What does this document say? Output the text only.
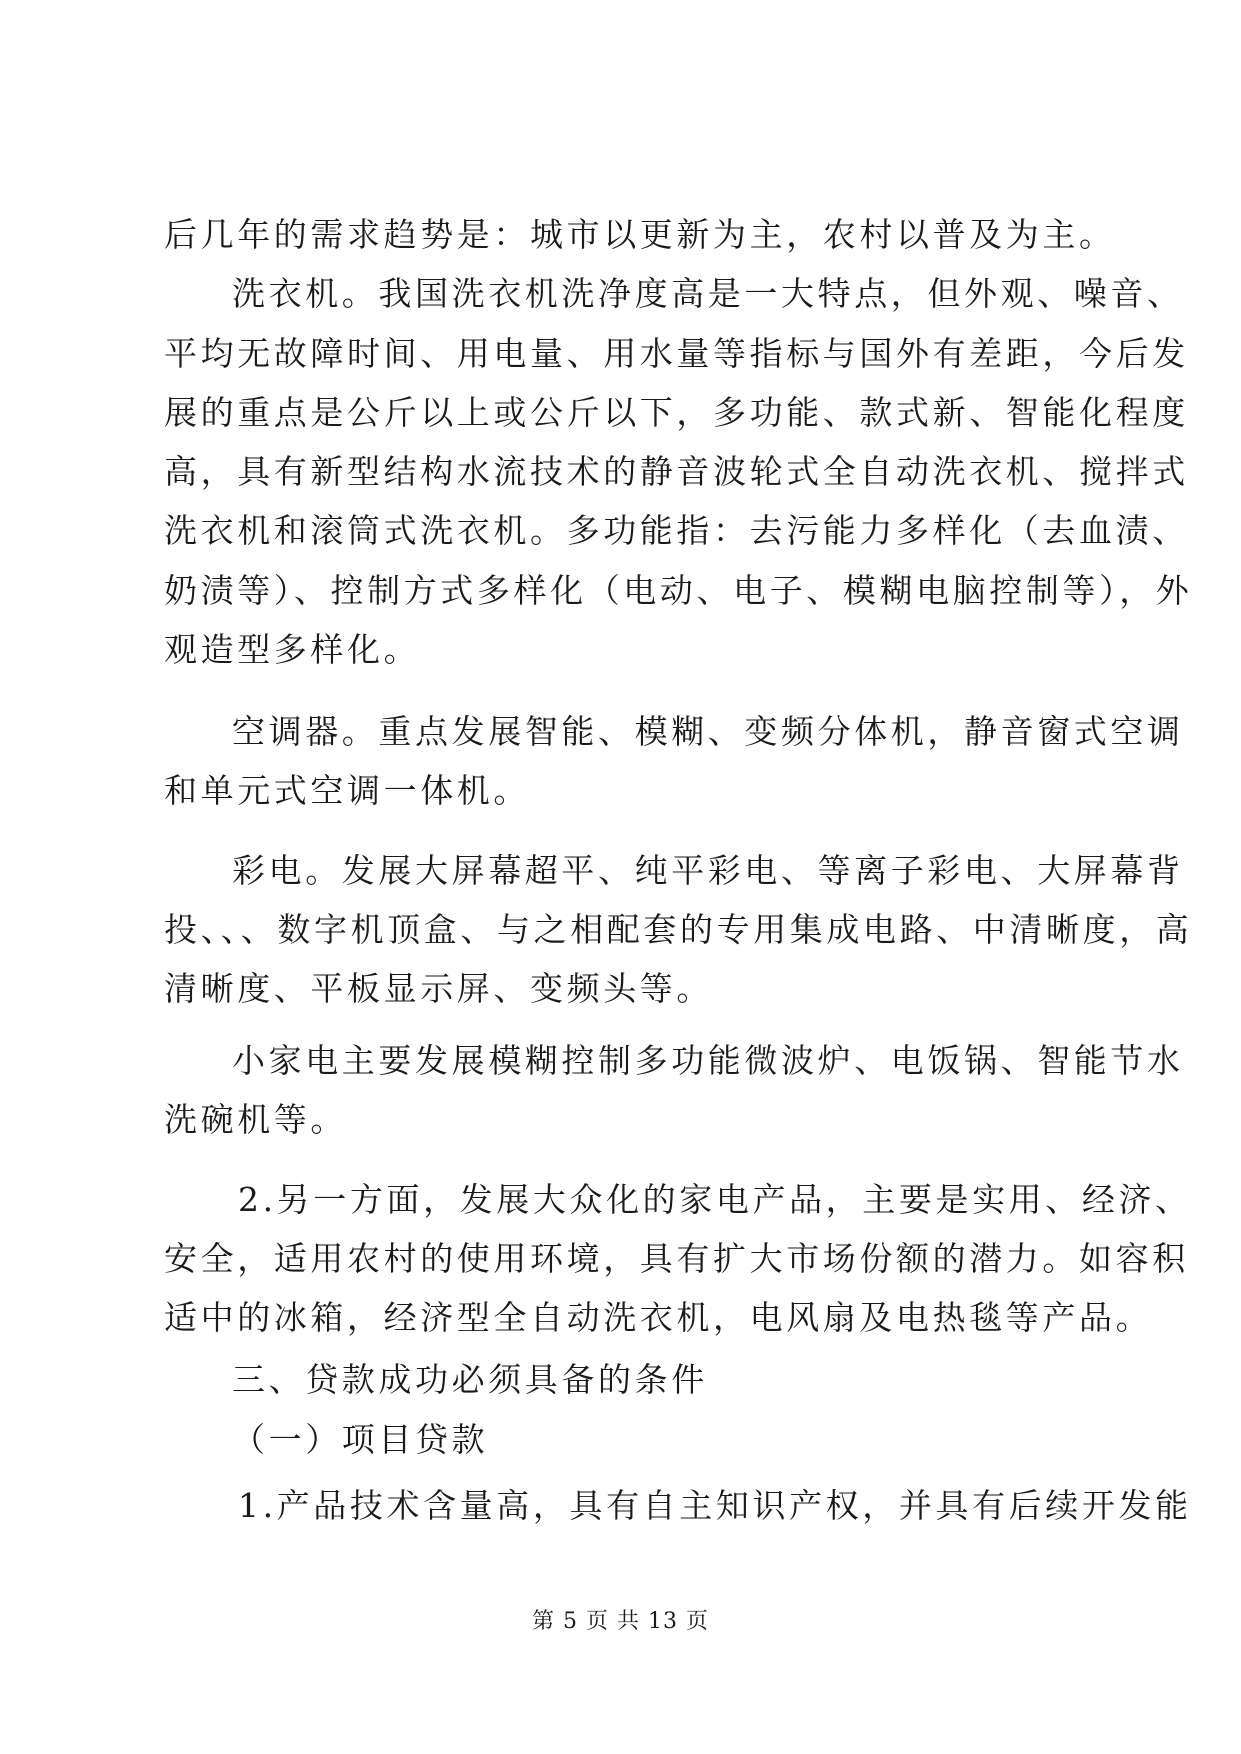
后几年的需求趋势是：城市以更新为主，农村以普及为主。
洗衣机。我国洗衣机洗净度高是一大特点，但外观、噪音、
平均无故障时间、用电量、用水量等指标与国外有差距，今后发
展的重点是公斤以上或公斤以下，多功能、款式新、智能化程度
高，具有新型结构水流技术的静音波轮式全自动洗衣机、搅拌式
洗衣机和滚筒式洗衣机。多功能指：去污能力多样化（去血渍、
奶渍等）、控制方式多样化（电动、电子、模糊电脑控制等），外
观造型多样化。
空调器。重点发展智能、模糊、变频分体机，静音窗式空调
和单元式空调一体机。
彩电。发展大屏幕超平、纯平彩电、等离子彩电、大屏幕背
投、、、数字机顶盒、与之相配套的专用集成电路、中清晰度，高
清晰度、平板显示屏、变频头等。
小家电主要发展模糊控制多功能微波炉、电饭锅、智能节水
洗碗机等。
2.另一方面，发展大众化的家电产品，主要是实用、经济、
安全，适用农村的使用环境，具有扩大市场份额的潜力。如容积
适中的冰箱，经济型全自动洗衣机，电风扇及电热毯等产品。
三、贷款成功必须具备的条件
（一）项目贷款
1.产品技术含量高，具有自主知识产权，并具有后续开发能
第 5 页 共 13 页
